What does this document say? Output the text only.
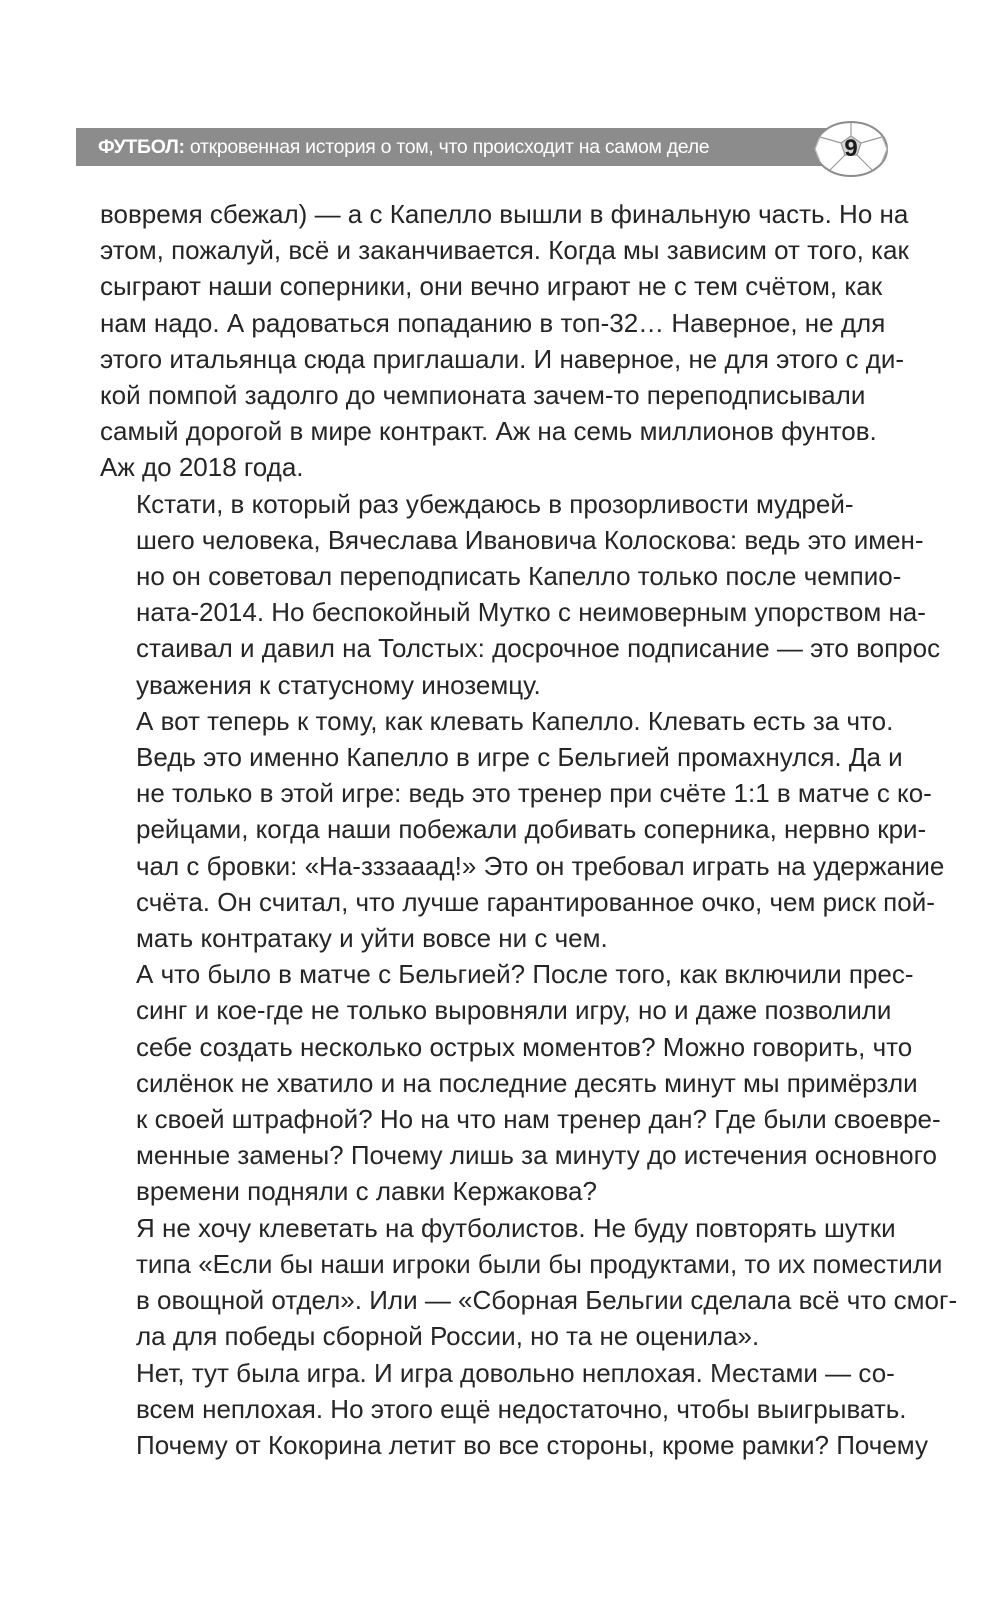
ФУТБОЛ: откровенная история о том, что происходит на самом деле	9

вовремя сбежал) — а с Капелло вышли в финальную часть. Но на
этом, пожалуй, всё и заканчивается. Когда мы зависим от того, как
сыграют наши соперники, они вечно играют не с тем счётом, как
нам надо. А радоваться попаданию в топ-32… Наверное, не для
этого итальянца сюда приглашали. И наверное, не для этого с ди-
кой помпой задолго до чемпионата зачем-то переподписывали
самый дорогой в мире контракт. Аж на семь миллионов фунтов.
Аж до 2018 года.

Кстати, в который раз убеждаюсь в прозорливости мудрей-
шего человека, Вячеслава Ивановича Колоскова: ведь это имен-
но он советовал переподписать Капелло только после чемпио-
ната-2014. Но беспокойный Мутко с неимоверным упорством на-
стаивал и давил на Толстых: досрочное подписание — это вопрос
уважения к статусному иноземцу.

А вот теперь к тому, как клевать Капелло. Клевать есть за что.
Ведь это именно Капелло в игре с Бельгией промахнулся. Да и
не только в этой игре: ведь это тренер при счёте 1:1 в матче с ко-
рейцами, когда наши побежали добивать соперника, нервно кри-
чал с бровки: «На-зззааад!» Это он требовал играть на удержание
счёта. Он считал, что лучше гарантированное очко, чем риск пой-
мать контратаку и уйти вовсе ни с чем.

А что было в матче с Бельгией? После того, как включили прес-
синг и кое-где не только выровняли игру, но и даже позволили
себе создать несколько острых моментов? Можно говорить, что
силёнок не хватило и на последние десять минут мы примёрзли
к своей штрафной? Но на что нам тренер дан? Где были своевре-
менные замены? Почему лишь за минуту до истечения основного
времени подняли с лавки Кержакова?

Я не хочу клеветать на футболистов. Не буду повторять шутки
типа «Если бы наши игроки были бы продуктами, то их поместили
в овощной отдел». Или — «Сборная Бельгии сделала всё что смог-
ла для победы сборной России, но та не оценила».

Нет, тут была игра. И игра довольно неплохая. Местами — со-
всем неплохая. Но этого ещё недостаточно, чтобы выигрывать.
Почему от Кокорина летит во все стороны, кроме рамки? Почему
